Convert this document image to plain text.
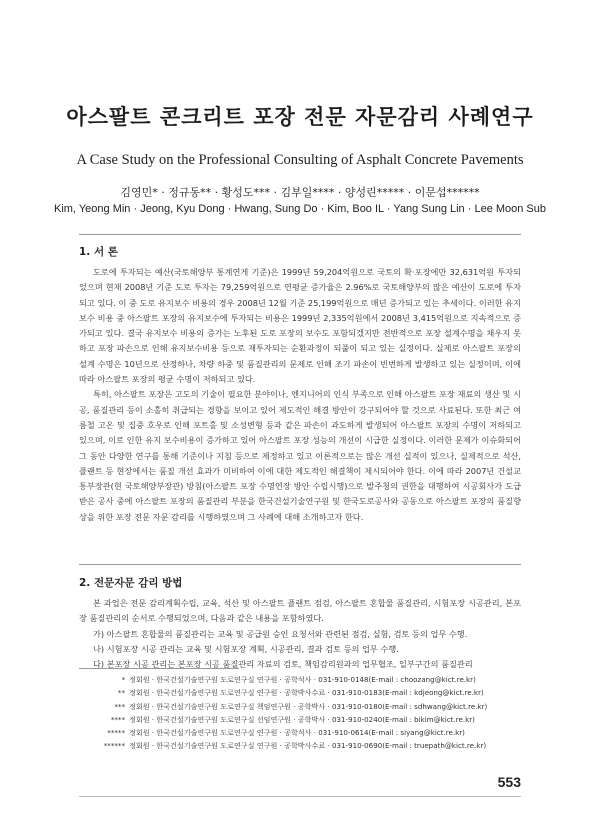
아스팔트 콘크리트 포장 전문 자문감리 사례연구
A Case Study on the Professional Consulting of Asphalt Concrete Pavements
김영민* · 정규동** · 황성도*** · 김부일**** · 양성린***** · 이문섭******
Kim, Yeong Min · Jeong, Kyu Dong · Hwang, Sung Do · Kim, Boo IL · Yang Sung Lin · Lee Moon Sub
1. 서 론

도로에 투자되는 예산(국토해양부 통계연게 기준)은 1999년 59,204억원으로 국토의 확·포장에만 32,631억원 투자되었으며 현재 2008년 기준 도로 투자는 79,259억원으로 연평균 증가율은 2.96%로 국토해양부의 많은 예산이 도로에 투자되고 있다. 이 중 도로 유지보수 비용의 경우 2008년 12월 기준 25,199억원으로 매년 증가되고 있는 추세이다. 이러한 유지보수 비용 중 아스팔트 포장의 유지보수에 투자되는 비용은 1999년 2,335억원에서 2008년 3,415억원으로 지속적으로 증가되고 있다. 결국 유지보수 비용의 증가는 노후된 도로 포장의 보수도 포함되겠지만 전반적으로 포장 설계수명을 채우지 못하고 포장 파손으로 인해 유지보수비용 등으로 재투자되는 순환과정이 되풀이 되고 있는 실정이다. 실제로 아스팔트 포장의 설계 수명은 10년으로 산정하나, 차량 하중 및 품질관리의 문제로 인해 조기 파손이 빈번하게 발생하고 있는 실정이며, 이에 따라 아스팔트 포장의 평균 수명이 저하되고 있다.

특히, 아스팔트 포장은 고도의 기술이 필요한 분야이나, 엔지니어의 인식 부족으로 인해 아스팔트 포장 재료의 생산 및 시공, 품질관리 등이 소홀히 취급되는 경향을 보이고 있어 제도적인 해결 방안이 강구되어야 할 것으로 사료된다. 또한 최근 여름철 고온 및 집중 호우로 인해 포트홀 및 소성변형 등과 같은 파손이 과도하게 발생되어 아스팔트 포장의 수명이 저하되고 있으며, 이로 인한 유지 보수비용이 증가하고 있어 아스팔트 포장 성능의 개선이 시급한 실정이다. 이러한 문제가 이슈화되어 그 동안 다양한 연구를 통해 기준이나 지침 등으로 제정하고 있고 이론적으로는 많은 개선 실적이 있으나, 실제적으로 석산, 플랜트 등 현장에서는 품질 개선 효과가 미비하여 이에 대한 제도적인 해결책이 제시되어야 한다. 이에 따라 2007년 건설교통부장관(현 국토해양부장관) 방침(아스팔트 포장 수명연장 방안 수립시행)으로 발주청의 권한을 대행하여 시공회사가 도급받은 공사 중에 아스팔트 포장의 품질관리 부분을 한국건설기술연구원 및 한국도로공사와 공동으로 아스팔트 포장의 품질향상을 위한 포장 전문 자문 감리를 시행하였으며 그 사례에 대해 소개하고자 한다.

2. 전문자문 감리 방법

본 과업은 전문 감리계획수립, 교육, 석산 및 아스팔트 플랜트 점검, 아스팔트 혼합물 품질관리, 시험포장 시공관리, 본포장 품질관리의 순서로 수행되었으며, 다음과 같은 내용을 포함하였다.

가) 아스팔트 혼합물의 품질관리는 교육 및 공급원 승인 요청서와 관련된 점검, 실험, 검토 등의 업무 수행.

나) 시험포장 시공 관리는 교육 및 시험포장 계획, 시공관리, 결과 검토 등의 업무 수행.

다) 본포장 시공 관리는 본포장 시공 품질관리 자료의 검토, 책임감리원과의 업무협조, 일부구간의 품질관리

* 정회원 · 한국건설기술연구원 도로연구실 연구원 · 공학석사 · 031-910-0148(E-mail : choozang@kict.re.kr)
** 정회원 · 한국건설기술연구원 도로연구실 연구원 · 공학박사수료 · 031-910-0183(E-mail : kdjeong@kict.re.kr)
*** 정회원 · 한국건설기술연구원 도로연구실 책임연구원 · 공학박사 · 031-910-0180(E-mail : sdhwang@kict.re.kr)
**** 정회원 · 한국건설기술연구원 도로연구실 선임연구원 · 공학박사 · 031-910-0240(E-mail : bikim@kict.re.kr)
***** 정회원 · 한국건설기술연구원 도로연구실 연구원 · 공학석사 · 031-910-0614(E-mail : siyang@kict.re.kr)
****** 정회원 · 한국건설기술연구원 도로연구실 연구원 · 공학박사수료 · 031-910-0690(E-mail : truepath@kict.re.kr)
553
